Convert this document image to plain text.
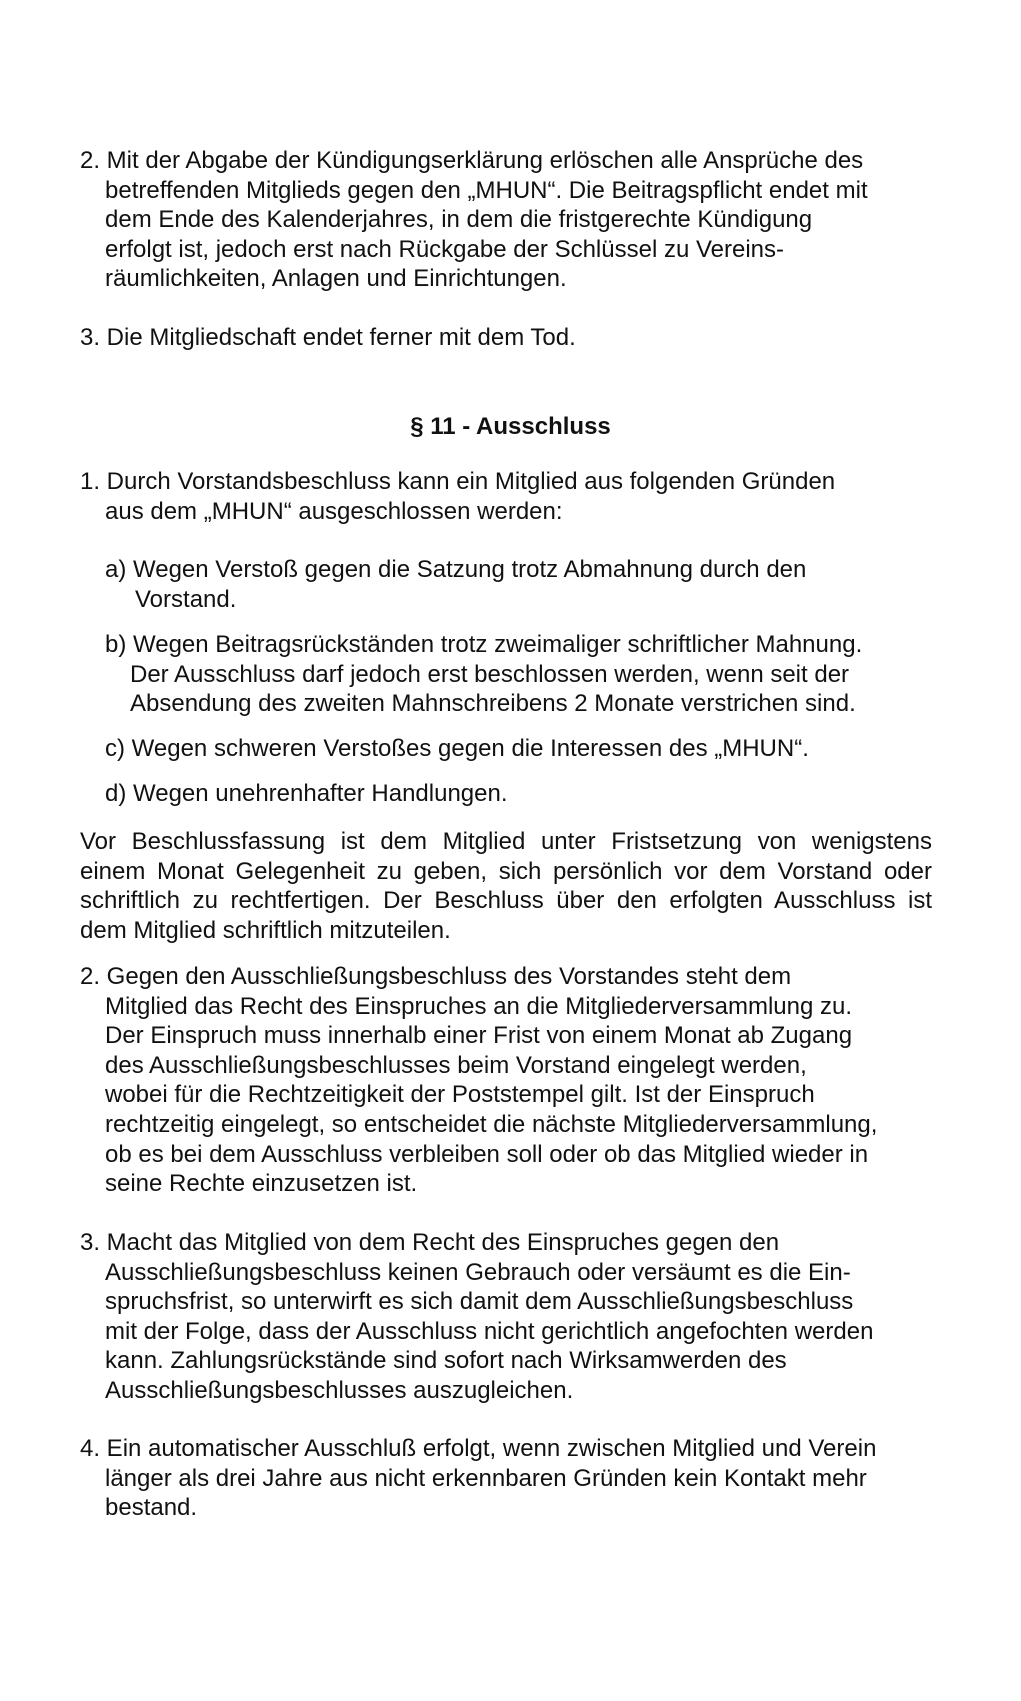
2. Mit der Abgabe der Kündigungserklärung erlöschen alle Ansprüche des
betreffenden Mitglieds gegen den „MHUN“. Die Beitragspflicht endet mit
dem Ende des Kalenderjahres, in dem die fristgerechte Kündigung
erfolgt ist, jedoch erst nach Rückgabe der Schlüssel zu Vereins-
räumlichkeiten, Anlagen und Einrichtungen.
3. Die Mitgliedschaft endet ferner mit dem Tod.
§ 11 - Ausschluss
1. Durch Vorstandsbeschluss kann ein Mitglied aus folgenden Gründen
aus dem „MHUN“ ausgeschlossen werden:
a) Wegen Verstoß gegen die Satzung trotz Abmahnung durch den
Vorstand.
b) Wegen Beitragsrückständen trotz zweimaliger schriftlicher Mahnung.
Der Ausschluss darf jedoch erst beschlossen werden, wenn seit der
Absendung des zweiten Mahnschreibens 2 Monate verstrichen sind.
c) Wegen schweren Verstoßes gegen die Interessen des „MHUN“.
d) Wegen unehrenhafter Handlungen.
Vor Beschlussfassung ist dem Mitglied unter Fristsetzung von wenigstens
einem Monat Gelegenheit zu geben, sich persönlich vor dem Vorstand oder
schriftlich zu rechtfertigen. Der Beschluss über den erfolgten Ausschluss ist
dem Mitglied schriftlich mitzuteilen.
2. Gegen den Ausschließungsbeschluss des Vorstandes steht dem
Mitglied das Recht des Einspruches an die Mitgliederversammlung zu.
Der Einspruch muss innerhalb einer Frist von einem Monat ab Zugang
des Ausschließungsbeschlusses beim Vorstand eingelegt werden,
wobei für die Rechtzeitigkeit der Poststempel gilt. Ist der Einspruch
rechtzeitig eingelegt, so entscheidet die nächste Mitgliederversammlung,
ob es bei dem Ausschluss verbleiben soll oder ob das Mitglied wieder in
seine Rechte einzusetzen ist.
3. Macht das Mitglied von dem Recht des Einspruches gegen den
Ausschließungsbeschluss keinen Gebrauch oder versäumt es die Ein-
spruchsfrist, so unterwirft es sich damit dem Ausschließungsbeschluss
mit der Folge, dass der Ausschluss nicht gerichtlich angefochten werden
kann. Zahlungsrückstände sind sofort nach Wirksamwerden des
Ausschließungsbeschlusses auszugleichen.
4. Ein automatischer Ausschluß erfolgt, wenn zwischen Mitglied und Verein
länger als drei Jahre aus nicht erkennbaren Gründen kein Kontakt mehr
bestand.
